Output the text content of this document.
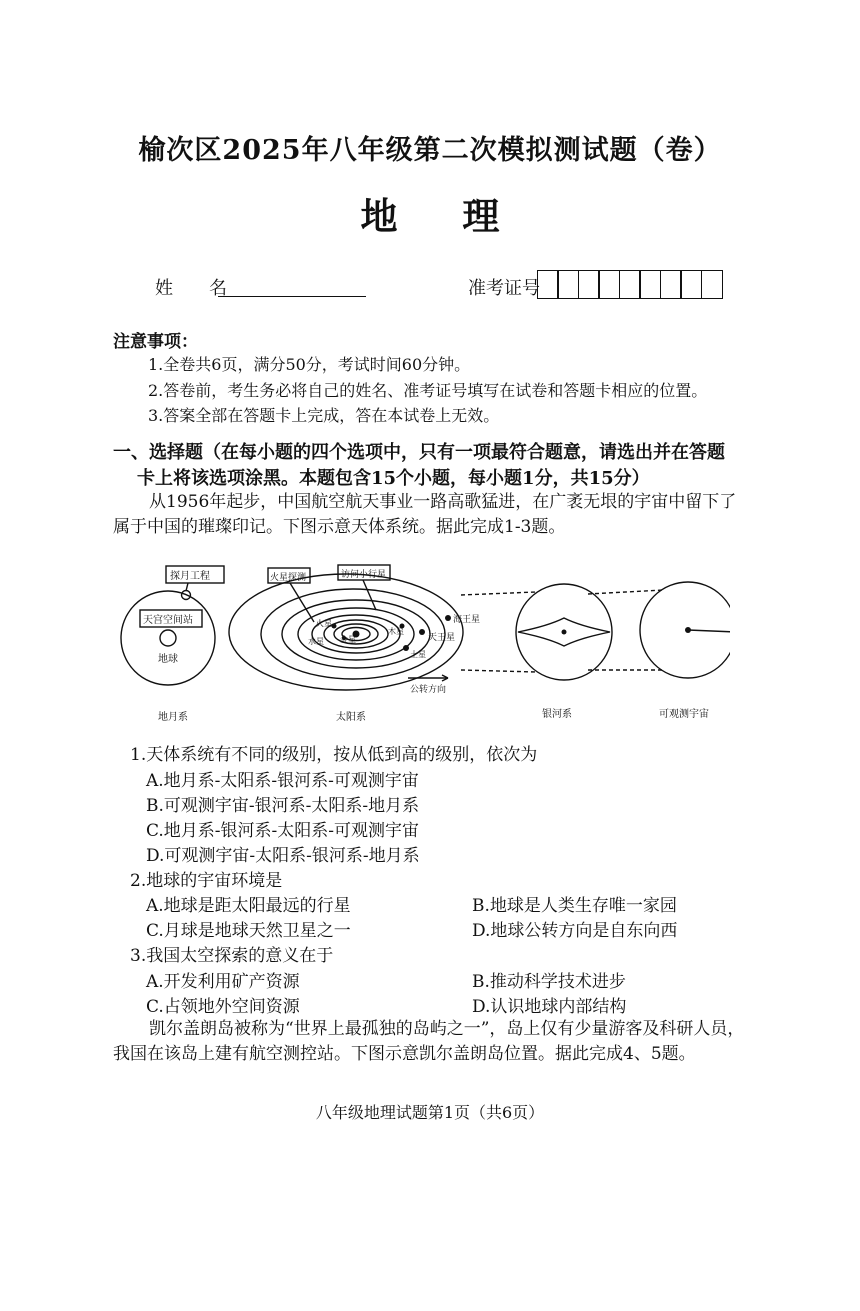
榆次区2025年八年级第二次模拟测试题（卷）
地 理
姓　　名	准考证号
注意事项：
1.全卷共6页，满分50分，考试时间60分钟。
2.答卷前，考生务必将自己的姓名、准考证号填写在试卷和答题卡相应的位置。
3.答案全部在答题卡上完成，答在本试卷上无效。
一、选择题（在每小题的四个选项中，只有一项最符合题意，请选出并在答题
卡上将该选项涂黑。本题包含15个小题，每小题1分，共15分）
从1956年起步，中国航空航天事业一路高歌猛进，在广袤无垠的宇宙中留下了属于中国的璀璨印记。下图示意天体系统。据此完成1-3题。
探月工程
天宫空间站
地球
火星探测	访问小行星
海王星
天王星
火星
金星
水星
土星
木星
公转方向
地月系	太阳系	银河系	可观测宇宙
1.天体系统有不同的级别，按从低到高的级别，依次为
A.地月系-太阳系-银河系-可观测宇宙
B.可观测宇宙-银河系-太阳系-地月系
C.地月系-银河系-太阳系-可观测宇宙
D.可观测宇宙-太阳系-银河系-地月系
2.地球的宇宙环境是
A.地球是距太阳最远的行星	B.地球是人类生存唯一家园
C.月球是地球天然卫星之一	D.地球公转方向是自东向西
3.我国太空探索的意义在于
A.开发利用矿产资源	B.推动科学技术进步
C.占领地外空间资源	D.认识地球内部结构
凯尔盖朗岛被称为“世界上最孤独的岛屿之一”，岛上仅有少量游客及科研人员，我国在该岛上建有航空测控站。下图示意凯尔盖朗岛位置。据此完成4、5题。
八年级地理试题第1页（共6页）
